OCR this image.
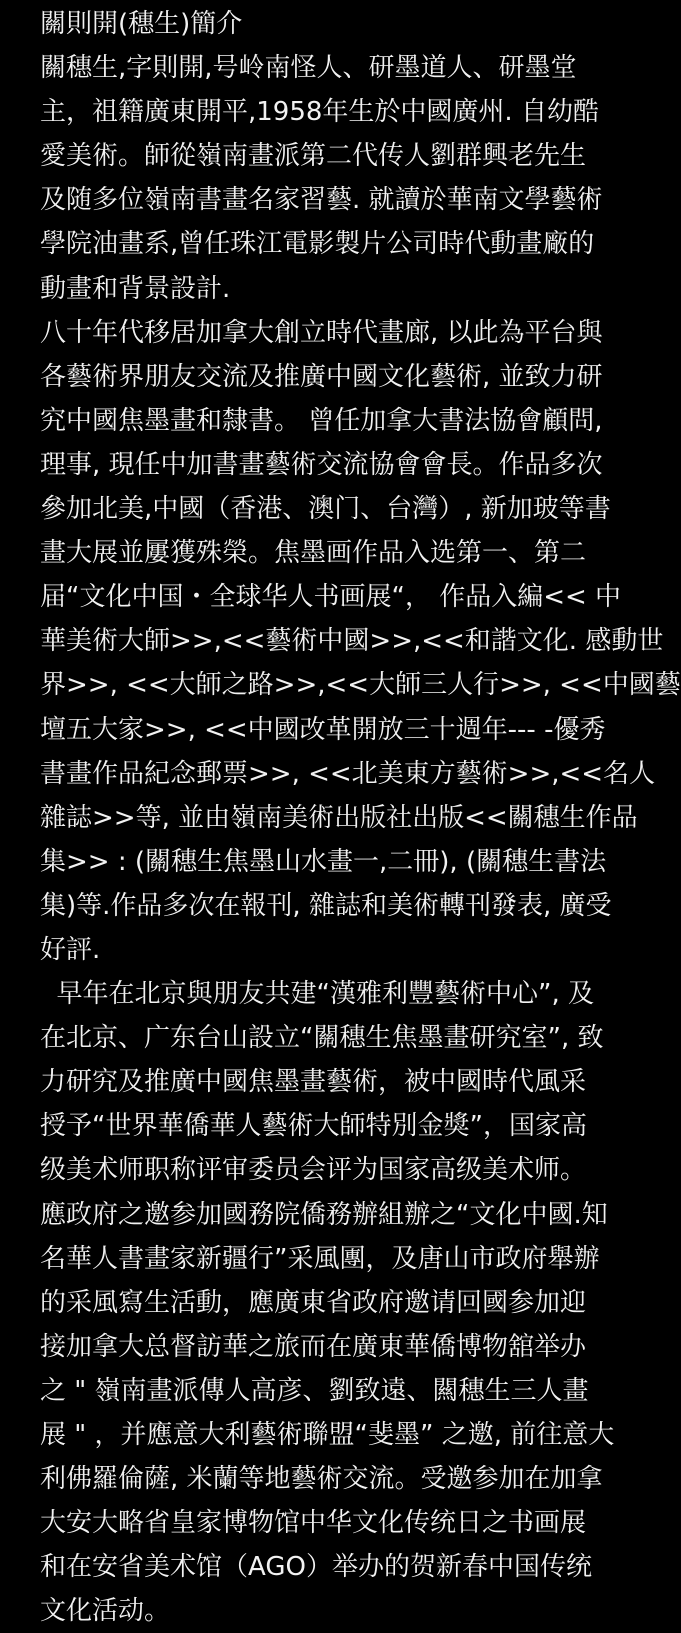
關則開(穗生)簡介
關穗生,字則開,号岭南怪人、研墨道人、研墨堂
主，祖籍廣東開平,1958年生於中國廣州. 自幼酷
愛美術。師從嶺南畫派第二代传人劉群興老先生
及随多位嶺南書畫名家習藝. 就讀於華南文學藝術
學院油畫系,曾任珠江電影製片公司時代動畫廠的
動畫和背景設計.
八十年代移居加拿大創立時代畫廊, 以此為平台與
各藝術界朋友交流及推廣中國文化藝術, 並致力研
究中國焦墨畫和隸書。 曾任加拿大書法協會顧問,
理事, 現任中加書畫藝術交流協會會長。作品多次
參加北美,中國（香港、澳门、台灣）, 新加玻等書
畫大展並屢獲殊榮。焦墨画作品入选第一、第二
届“文化中国・全球华人书画展“， 作品入編<< 中
華美術大師>>,<<藝術中國>>,<<和諧文化. 感動世
界>>, <<大師之路>>,<<大師三人行>>, <<中國藝
壇五大家>>, <<中國改革開放三十週年--- -優秀
書畫作品紀念郵票>>, <<北美東方藝術>>,<<名人
雜誌>>等, 並由嶺南美術出版社出版<<關穗生作品
集>> : (關穗生焦墨山水畫一,二冊), (關穗生書法
集)等.作品多次在報刊, 雜誌和美術轉刊發表, 廣受
好評.
早年在北京與朋友共建“漢雅利豐藝術中心”, 及
在北京、广东台山設立“關穗生焦墨畫研究室”, 致
力研究及推廣中國焦墨畫藝術，被中國時代風采
授予“世界華僑華人藝術大師特別金獎”，国家高
级美术师职称评审委员会评为国家高级美术师。
應政府之邀参加國務院僑務辦組辦之“文化中國.知
名華人書畫家新疆行”采風團，及唐山市政府舉辦
的采風寫生活動，應廣東省政府邀请回國参加迎
接加拿大总督訪華之旅而在廣東華僑博物舘举办
之 " 嶺南畫派傳人高彦、劉致遠、闗穗生三人畫
展 " ，并應意大利藝術聯盟“斐墨” 之邀, 前往意大
利佛羅倫薩, 米蘭等地藝術交流。受邀参加在加拿
大安大略省皇家博物馆中华文化传统日之书画展
和在安省美术馆（AGO）举办的贺新春中国传统
文化活动。
